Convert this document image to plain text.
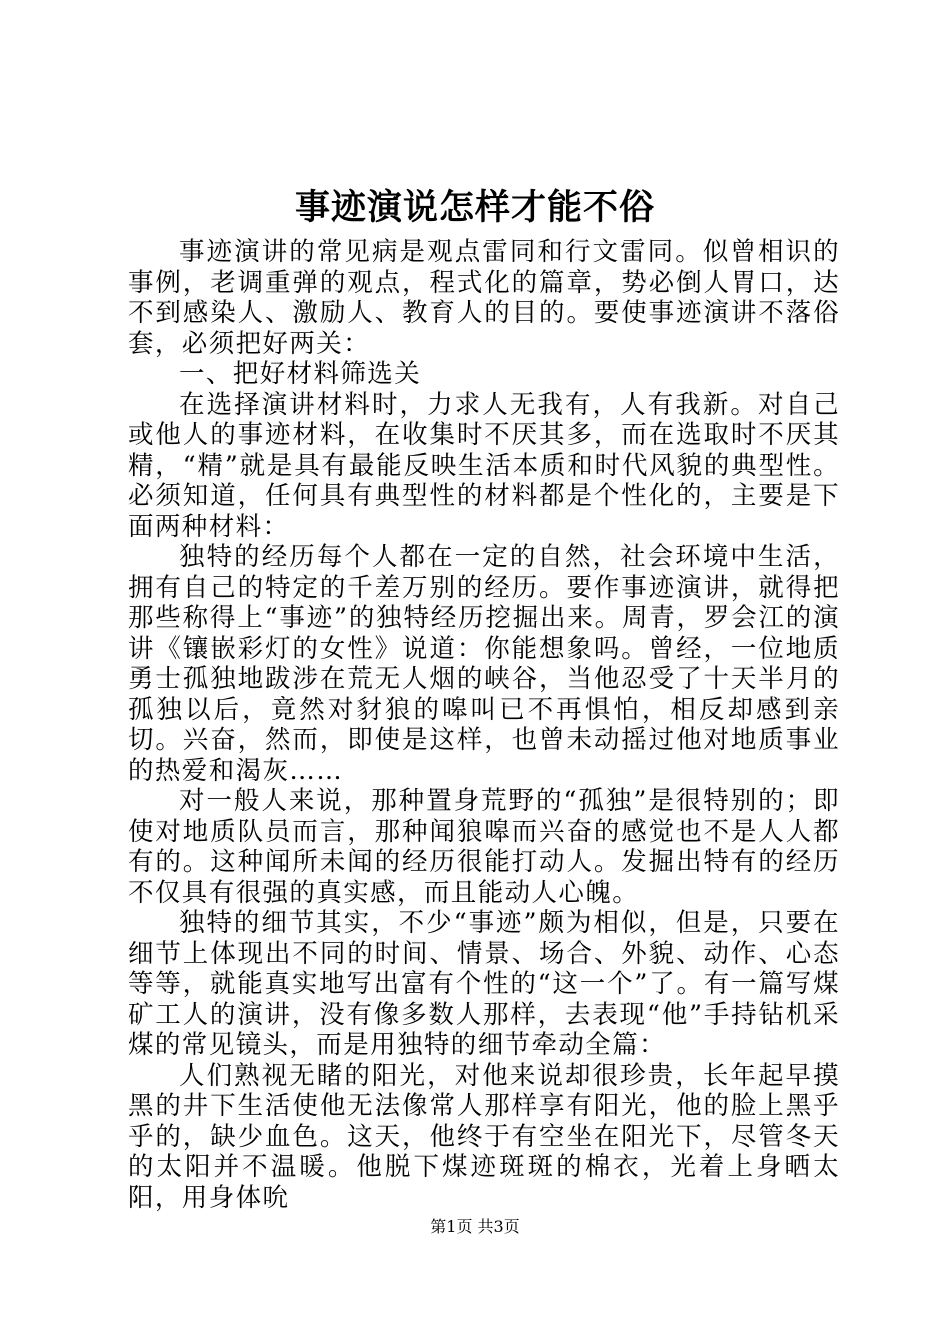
事迹演说怎样才能不俗

事迹演讲的常见病是观点雷同和行文雷同。似曾相识的事例，老调重弹的观点，程式化的篇章，势必倒人胃口，达不到感染人、激励人、教育人的目的。要使事迹演讲不落俗套，必须把好两关：

一、把好材料筛选关

在选择演讲材料时，力求人无我有，人有我新。对自己或他人的事迹材料，在收集时不厌其多，而在选取时不厌其精，“精”就是具有最能反映生活本质和时代风貌的典型性。必须知道，任何具有典型性的材料都是个性化的，主要是下面两种材料：

独特的经历每个人都在一定的自然，社会环境中生活，拥有自己的特定的千差万别的经历。要作事迹演讲，就得把那些称得上“事迹”的独特经历挖掘出来。周青，罗会江的演讲《镶嵌彩灯的女性》说道：你能想象吗。曾经，一位地质勇士孤独地跋涉在荒无人烟的峡谷，当他忍受了十天半月的孤独以后，竟然对豺狼的嗥叫已不再惧怕，相反却感到亲切。兴奋，然而，即使是这样，也曾未动摇过他对地质事业的热爱和渴灰……

对一般人来说，那种置身荒野的“孤独”是很特别的；即使对地质队员而言，那种闻狼嗥而兴奋的感觉也不是人人都有的。这种闻所未闻的经历很能打动人。发掘出特有的经历不仅具有很强的真实感，而且能动人心魄。

独特的细节其实，不少“事迹”颇为相似，但是，只要在细节上体现出不同的时间、情景、场合、外貌、动作、心态等等，就能真实地写出富有个性的“这一个”了。有一篇写煤矿工人的演讲，没有像多数人那样，去表现“他”手持钻机采煤的常见镜头，而是用独特的细节牵动全篇：

人们熟视无睹的阳光，对他来说却很珍贵，长年起早摸黑的井下生活使他无法像常人那样享有阳光，他的脸上黑乎乎的，缺少血色。这天，他终于有空坐在阳光下，尽管冬天的太阳并不温暖。他脱下煤迹斑斑的棉衣，光着上身晒太阳，用身体吮

第1页 共3页
